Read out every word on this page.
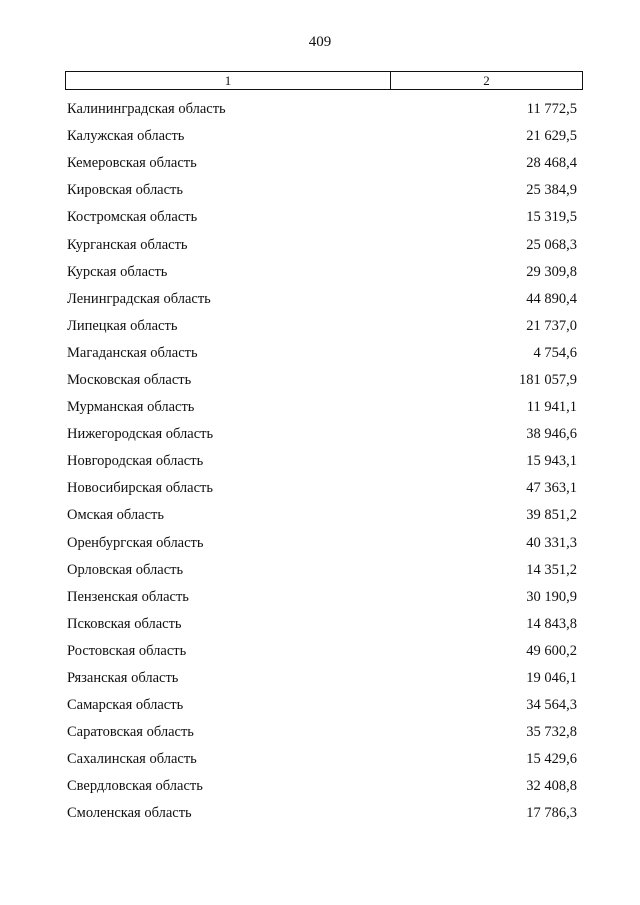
409
1	2
Калининградская область	11 772,5
Калужская область	21 629,5
Кемеровская область	28 468,4
Кировская область	25 384,9
Костромская область	15 319,5
Курганская область	25 068,3
Курская область	29 309,8
Ленинградская область	44 890,4
Липецкая область	21 737,0
Магаданская область	4 754,6
Московская область	181 057,9
Мурманская область	11 941,1
Нижегородская область	38 946,6
Новгородская область	15 943,1
Новосибирская область	47 363,1
Омская область	39 851,2
Оренбургская область	40 331,3
Орловская область	14 351,2
Пензенская область	30 190,9
Псковская область	14 843,8
Ростовская область	49 600,2
Рязанская область	19 046,1
Самарская область	34 564,3
Саратовская область	35 732,8
Сахалинская область	15 429,6
Свердловская область	32 408,8
Смоленская область	17 786,3
